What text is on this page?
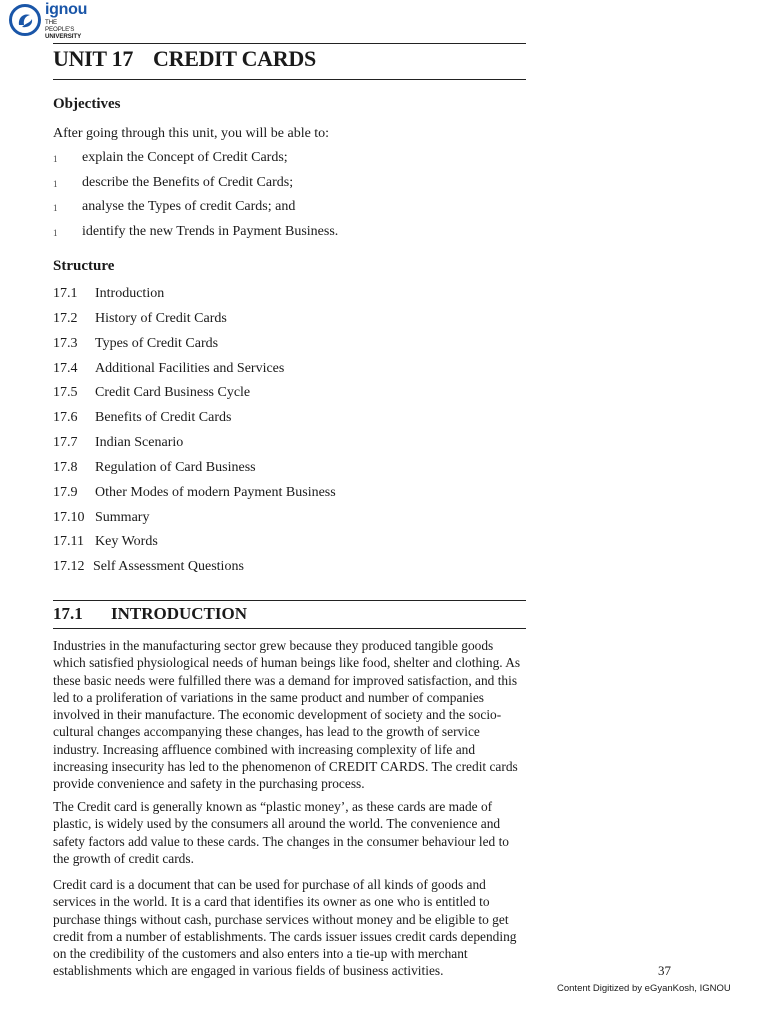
ignou
THE PEOPLE'S
UNIVERSITY
UNIT 17 CREDIT CARDS
Objectives

After going through this unit, you will be able to:

1 explain the Concept of Credit Cards;
1 describe the Benefits of Credit Cards;
1 analyse the Types of credit Cards; and
1 identify the new Trends in Payment Business.
Structure
17.1 Introduction
17.2 History of Credit Cards
17.3 Types of Credit Cards
17.4 Additional Facilities and Services
17.5 Credit Card Business Cycle
17.6 Benefits of Credit Cards
17.7 Indian Scenario
17.8 Regulation of Card Business
17.9 Other Modes of modern Payment Business
17.10 Summary
17.11 Key Words
17.12 Self Assessment Questions
17.1 INTRODUCTION

Industries in the manufacturing sector grew because they produced tangible goods which satisfied physiological needs of human beings like food, shelter and clothing. As these basic needs were fulfilled there was a demand for improved satisfaction, and this led to a proliferation of variations in the same product and number of companies involved in their manufacture. The economic development of society and the socio-cultural changes accompanying these changes, has lead to the growth of service industry. Increasing affluence combined with increasing complexity of life and increasing insecurity has led to the phenomenon of CREDIT CARDS. The credit cards provide convenience and safety in the purchasing process.

The Credit card is generally known as “plastic money’, as these cards are made of plastic, is widely used by the consumers all around the world. The convenience and safety factors add value to these cards. The changes in the consumer behaviour led to the growth of credit cards.

Credit card is a document that can be used for purchase of all kinds of goods and services in the world. It is a card that identifies its owner as one who is entitled to purchase things without cash, purchase services without money and be eligible to get credit from a number of establishments. The cards issuer issues credit cards depending on the credibility of the customers and also enters into a tie-up with merchant establishments which are engaged in various fields of business activities.	37

Content Digitized by eGyanKosh, IGNOU
